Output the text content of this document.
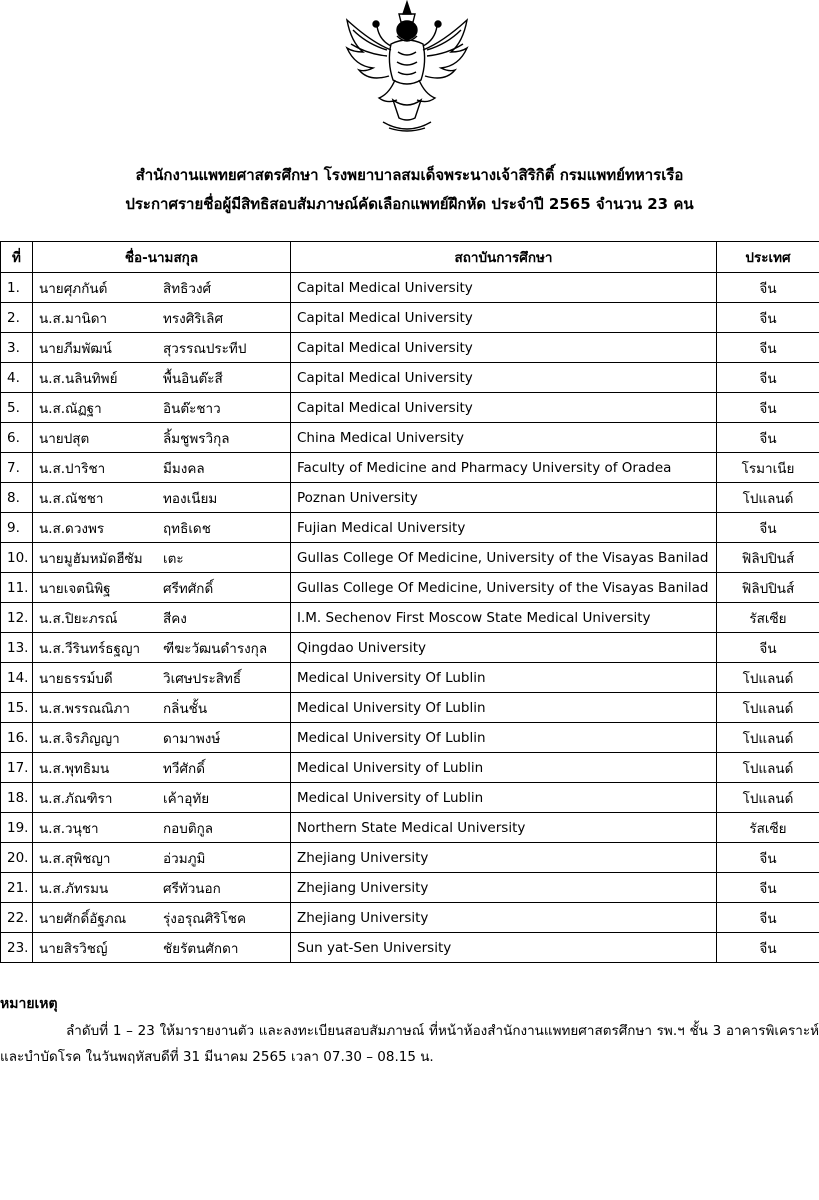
สำนักงานแพทยศาสตรศึกษา โรงพยาบาลสมเด็จพระนางเจ้าสิริกิติ์ กรมแพทย์ทหารเรือ
ประกาศรายชื่อผู้มีสิทธิสอบสัมภาษณ์คัดเลือกแพทย์ฝึกหัด ประจำปี 2565 จำนวน 23 คน
ที่	ชื่อ-นามสกุล	สถาบันการศึกษา	ประเทศ
1.	นายศุภกันต์ สิทธิวงศ์	Capital Medical University	จีน
2.	น.ส.มานิดา ทรงศิริเลิศ	Capital Medical University	จีน
3.	นายภีมพัฒน์ สุวรรณประทีป	Capital Medical University	จีน
4.	น.ส.นลินทิพย์ พื้นอินต๊ะสี	Capital Medical University	จีน
5.	น.ส.ณัฏฐา อินต๊ะชาว	Capital Medical University	จีน
6.	นายปสุต ลิ้มชูพรวิกุล	China Medical University	จีน
7.	น.ส.ปาริชา มีมงคล	Faculty of Medicine and Pharmacy University of Oradea	โรมาเนีย
8.	น.ส.ณัชชา ทองเนียม	Poznan University	โปแลนด์
9.	น.ส.ดวงพร ฤทธิเดช	Fujian Medical University	จีน
10.	นายมูฮัมหมัดฮีซัม เตะ	Gullas College Of Medicine, University of the Visayas Banilad	ฟิลิปปินส์
11.	นายเจตนิพิฐ ศรีทศักดิ์	Gullas College Of Medicine, University of the Visayas Banilad	ฟิลิปปินส์
12.	น.ส.ปิยะภรณ์ สีคง	I.M. Sechenov First Moscow State Medical University	รัสเซีย
13.	น.ส.วีรินทร์ธฐญา ฑีฆะวัฒนดำรงกุล	Qingdao University	จีน
14.	นายธรรม์บดี วิเศษประสิทธิ์	Medical University Of Lublin	โปแลนด์
15.	น.ส.พรรณณิภา กลิ่นชั้น	Medical University Of Lublin	โปแลนด์
16.	น.ส.จิรภิญญา ดามาพงษ์	Medical University Of Lublin	โปแลนด์
17.	น.ส.พุทธิมน ทวีศักดิ์	Medical University of Lublin	โปแลนด์
18.	น.ส.ภัณฑิรา เค้าอุทัย	Medical University of Lublin	โปแลนด์
19.	น.ส.วนุชา กอบติกูล	Northern State Medical University	รัสเซีย
20.	น.ส.สุพิชญา อ่วมภูมิ	Zhejiang University	จีน
21.	น.ส.ภัทรมน ศรีทัวนอก	Zhejiang University	จีน
22.	นายศักดิ์อัฐภณ รุ่งอรุณศิริโชค	Zhejiang University	จีน
23.	นายสิรวิชญ์ ชัยรัตนศักดา	Sun yat-Sen University	จีน
หมายเหตุ
ลำดับที่ 1 – 23 ให้มารายงานตัว และลงทะเบียนสอบสัมภาษณ์ ที่หน้าห้องสำนักงานแพทยศาสตรศึกษา รพ.ฯ ชั้น 3 อาคารพิเคราะห์และบำบัดโรค ในวันพฤหัสบดีที่ 31 มีนาคม 2565 เวลา 07.30 – 08.15 น.
